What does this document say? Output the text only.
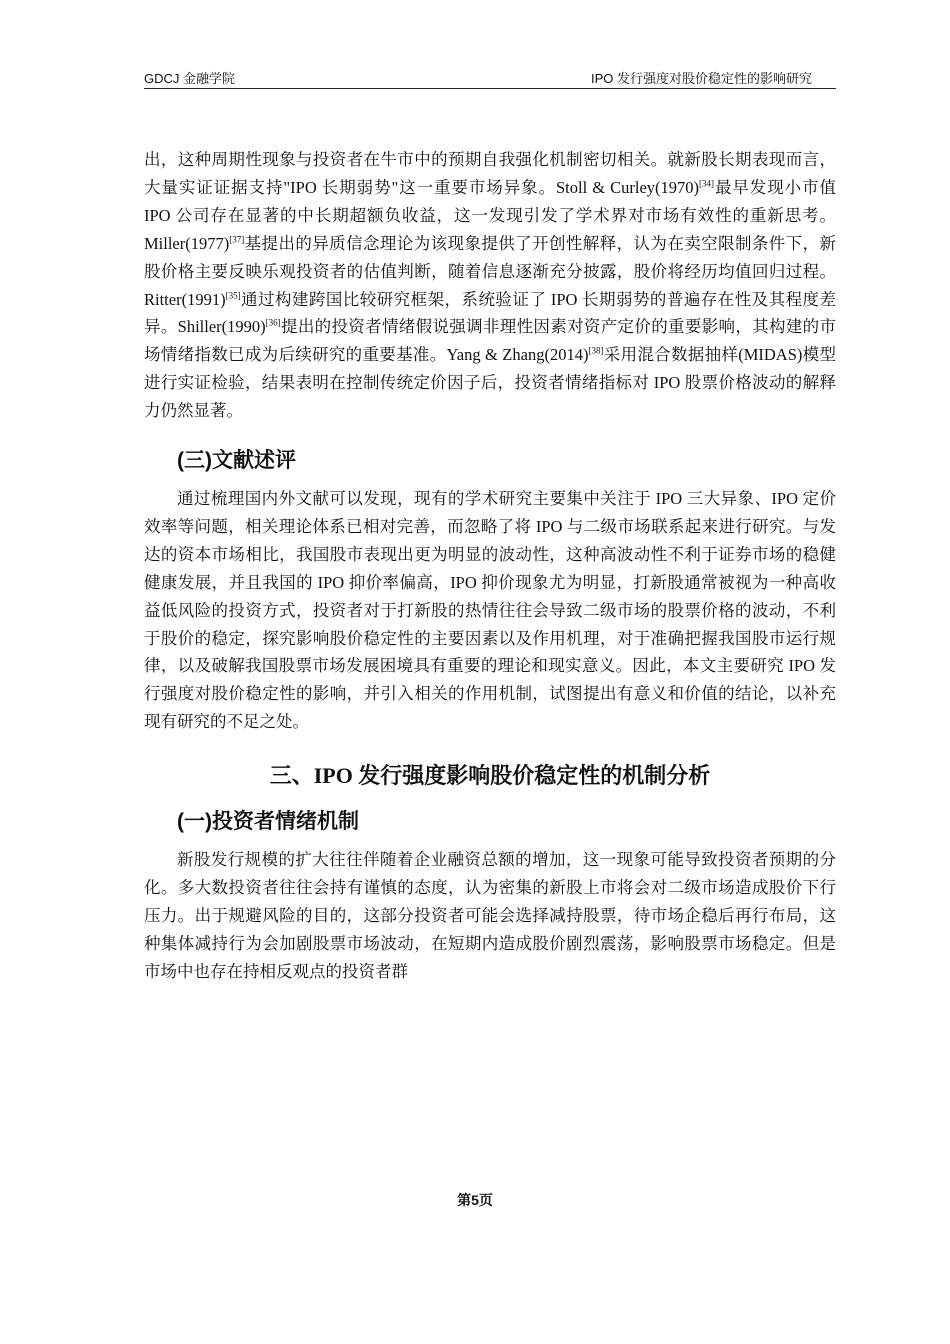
GDCJ 金融学院	IPO 发行强度对股价稳定性的影响研究

出，这种周期性现象与投资者在牛市中的预期自我强化机制密切相关。就新股长期表现而言，大量实证证据支持"IPO 长期弱势"这一重要市场异象。Stoll & Curley(1970)[34]最早发现小市值 IPO 公司存在显著的中长期超额负收益，这一发现引发了学术界对市场有效性的重新思考。Miller(1977)[37]基提出的异质信念理论为该现象提供了开创性解释，认为在卖空限制条件下，新股价格主要反映乐观投资者的估值判断，随着信息逐渐充分披露，股价将经历均值回归过程。Ritter(1991)[35]通过构建跨国比较研究框架，系统验证了 IPO 长期弱势的普遍存在性及其程度差异。Shiller(1990)[36]提出的投资者情绪假说强调非理性因素对资产定价的重要影响，其构建的市场情绪指数已成为后续研究的重要基准。Yang & Zhang(2014)[38]采用混合数据抽样(MIDAS)模型进行实证检验，结果表明在控制传统定价因子后，投资者情绪指标对 IPO 股票价格波动的解释力仍然显著。

(三)文献述评

通过梳理国内外文献可以发现，现有的学术研究主要集中关注于 IPO 三大异象、IPO 定价效率等问题，相关理论体系已相对完善，而忽略了将 IPO 与二级市场联系起来进行研究。与发达的资本市场相比，我国股市表现出更为明显的波动性，这种高波动性不利于证券市场的稳健健康发展，并且我国的 IPO 抑价率偏高，IPO 抑价现象尤为明显，打新股通常被视为一种高收益低风险的投资方式，投资者对于打新股的热情往往会导致二级市场的股票价格的波动，不利于股价的稳定，探究影响股价稳定性的主要因素以及作用机理，对于准确把握我国股市运行规律，以及破解我国股票市场发展困境具有重要的理论和现实意义。因此，本文主要研究 IPO 发行强度对股价稳定性的影响，并引入相关的作用机制，试图提出有意义和价值的结论，以补充现有研究的不足之处。

三、IPO 发行强度影响股价稳定性的机制分析
(一)投资者情绪机制

新股发行规模的扩大往往伴随着企业融资总额的增加，这一现象可能导致投资者预期的分化。多大数投资者往往会持有谨慎的态度，认为密集的新股上市将会对二级市场造成股价下行压力。出于规避风险的目的，这部分投资者可能会选择减持股票，待市场企稳后再行布局，这种集体减持行为会加剧股票市场波动，在短期内造成股价剧烈震荡，影响股票市场稳定。但是市场中也存在持相反观点的投资者群

第5页
